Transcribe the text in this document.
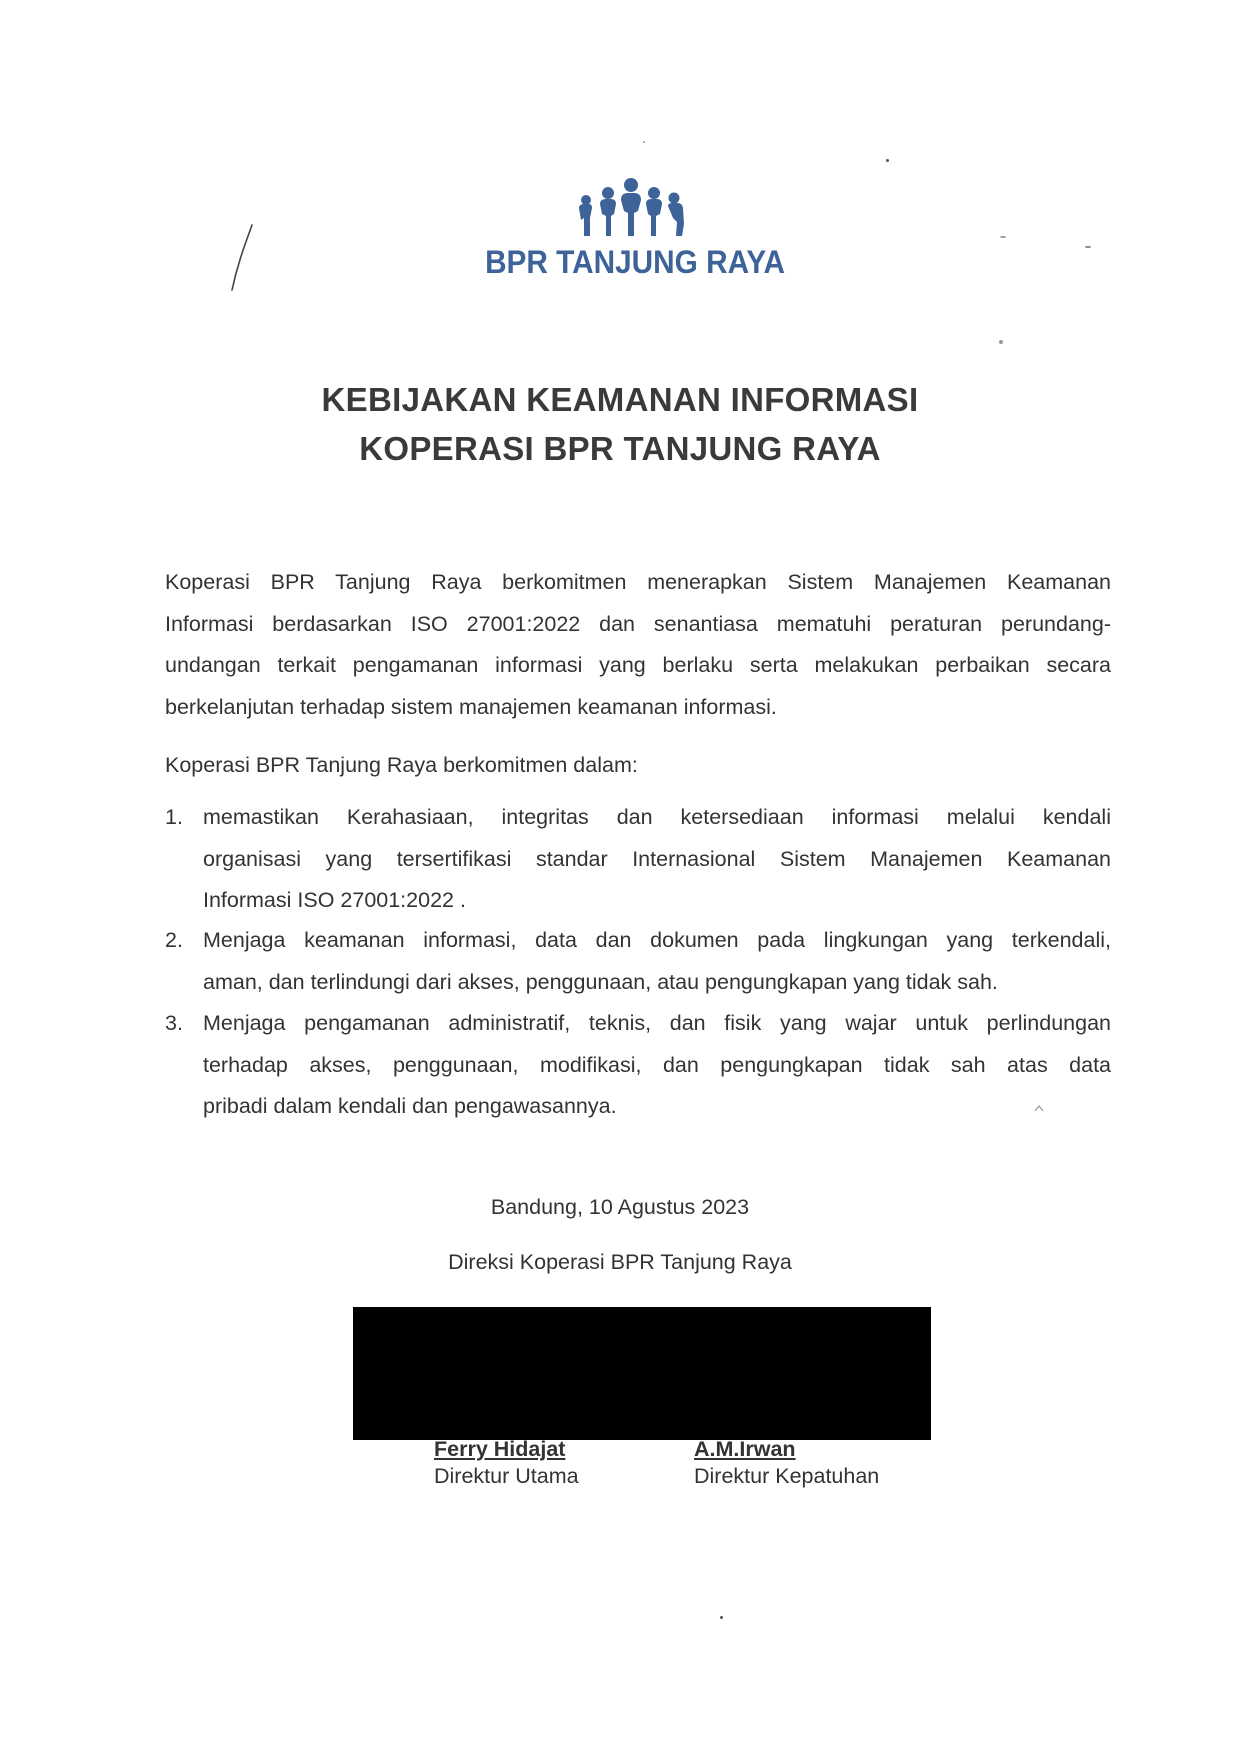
BPR TANJUNG RAYA
KEBIJAKAN KEAMANAN INFORMASI
KOPERASI BPR TANJUNG RAYA
Koperasi BPR Tanjung Raya berkomitmen menerapkan Sistem Manajemen Keamanan
Informasi berdasarkan ISO 27001:2022 dan senantiasa mematuhi peraturan perundang-
undangan terkait pengamanan informasi yang berlaku serta melakukan perbaikan secara
berkelanjutan terhadap sistem manajemen keamanan informasi.
Koperasi BPR Tanjung Raya berkomitmen dalam:
1. memastikan Kerahasiaan, integritas dan ketersediaan informasi melalui kendali
organisasi yang tersertifikasi standar Internasional Sistem Manajemen Keamanan
Informasi ISO 27001:2022 .
2. Menjaga keamanan informasi, data dan dokumen pada lingkungan yang terkendali,
aman, dan terlindungi dari akses, penggunaan, atau pengungkapan yang tidak sah.
3. Menjaga pengamanan administratif, teknis, dan fisik yang wajar untuk perlindungan
terhadap akses, penggunaan, modifikasi, dan pengungkapan tidak sah atas data
pribadi dalam kendali dan pengawasannya.
Bandung, 10 Agustus 2023
Direksi Koperasi BPR Tanjung Raya
Ferry Hidajat
Direktur Utama
A.M.Irwan
Direktur Kepatuhan
